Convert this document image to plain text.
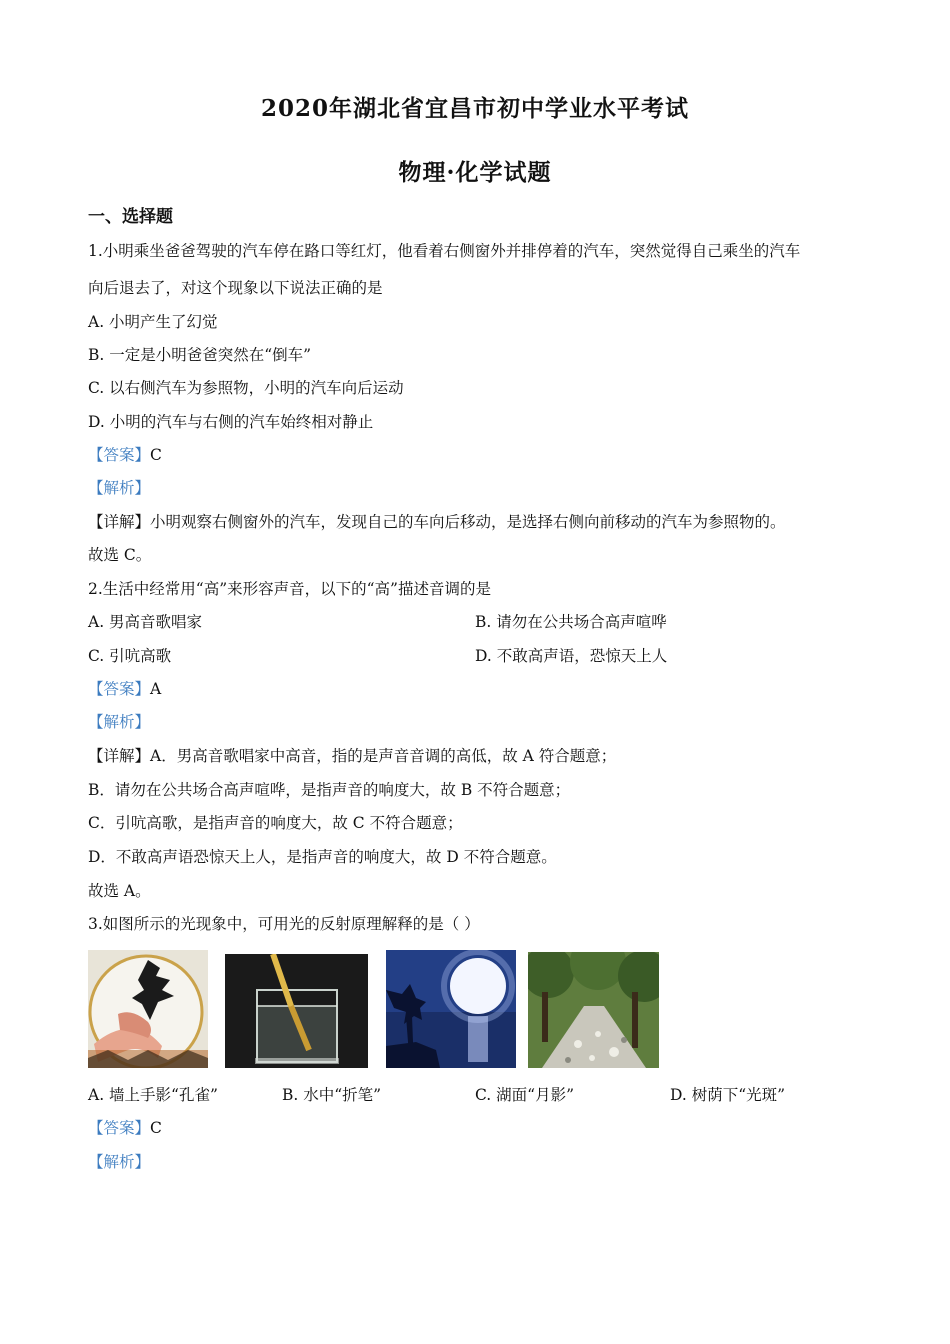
2020年湖北省宜昌市初中学业水平考试
物理·化学试题
一、选择题
1.小明乘坐爸爸驾驶的汽车停在路口等红灯，他看着右侧窗外并排停着的汽车，突然觉得自己乘坐的汽车
向后退去了，对这个现象以下说法正确的是
A. 小明产生了幻觉
B. 一定是小明爸爸突然在“倒车”
C. 以右侧汽车为参照物，小明的汽车向后运动
D. 小明的汽车与右侧的汽车始终相对静止
【答案】C
【解析】
【详解】小明观察右侧窗外的汽车，发现自己的车向后移动，是选择右侧向前移动的汽车为参照物的。
故选 C。
2.生活中经常用“高”来形容声音，以下的“高”描述音调的是
A. 男高音歌唱家	B. 请勿在公共场合高声喧哗
C. 引吭高歌	D. 不敢高声语，恐惊天上人
【答案】A
【解析】
【详解】A．男高音歌唱家中高音，指的是声音音调的高低，故 A 符合题意；
B．请勿在公共场合高声喧哗，是指声音的响度大，故 B 不符合题意；
C．引吭高歌，是指声音的响度大，故 C 不符合题意；
D．不敢高声语恐惊天上人，是指声音的响度大，故 D 不符合题意。
故选 A。
3.如图所示的光现象中，可用光的反射原理解释的是（ ）
A. 墙上手影“孔雀”	B. 水中“折笔”	C. 湖面“月影”	D. 树荫下“光斑”
【答案】C
【解析】
